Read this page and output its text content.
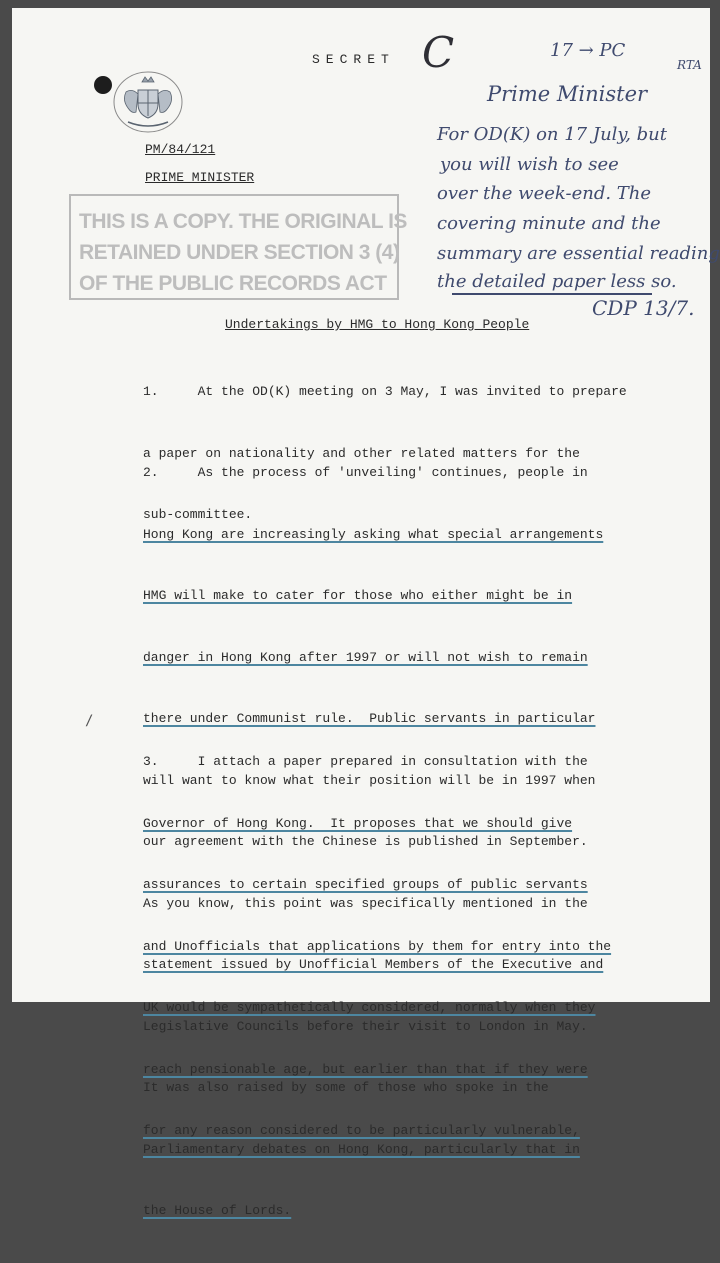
SECRET C
PM/84/121
PRIME MINISTER
THIS IS A COPY. THE ORIGINAL IS
RETAINED UNDER SECTION 3 (4)
OF THE PUBLIC RECORDS ACT
17 → PC
RTA
Prime Minister
For OD(K) on 17 July, but
you will wish to see
over the week-end. The
covering minute and the
summary are essential reading
the detailed paper less so.
CDP 13/7.
Undertakings by HMG to Hong Kong People

1.     At the OD(K) meeting on 3 May, I was invited to prepare

a paper on nationality and other related matters for the

sub-committee.

2.     As the process of 'unveiling' continues, people in

Hong Kong are increasingly asking what special arrangements

HMG will make to cater for those who either might be in

danger in Hong Kong after 1997 or will not wish to remain

there under Communist rule.  Public servants in particular

will want to know what their position will be in 1997 when

our agreement with the Chinese is published in September.

As you know, this point was specifically mentioned in the

statement issued by Unofficial Members of the Executive and

Legislative Councils before their visit to London in May.

It was also raised by some of those who spoke in the

Parliamentary debates on Hong Kong, particularly that in

the House of Lords.

/

3.     I attach a paper prepared in consultation with the

Governor of Hong Kong.  It proposes that we should give

assurances to certain specified groups of public servants

and Unofficials that applications by them for entry into the

UK would be sympathetically considered, normally when they

reach pensionable age, but earlier than that if they were

for any reason considered to be particularly vulnerable,
